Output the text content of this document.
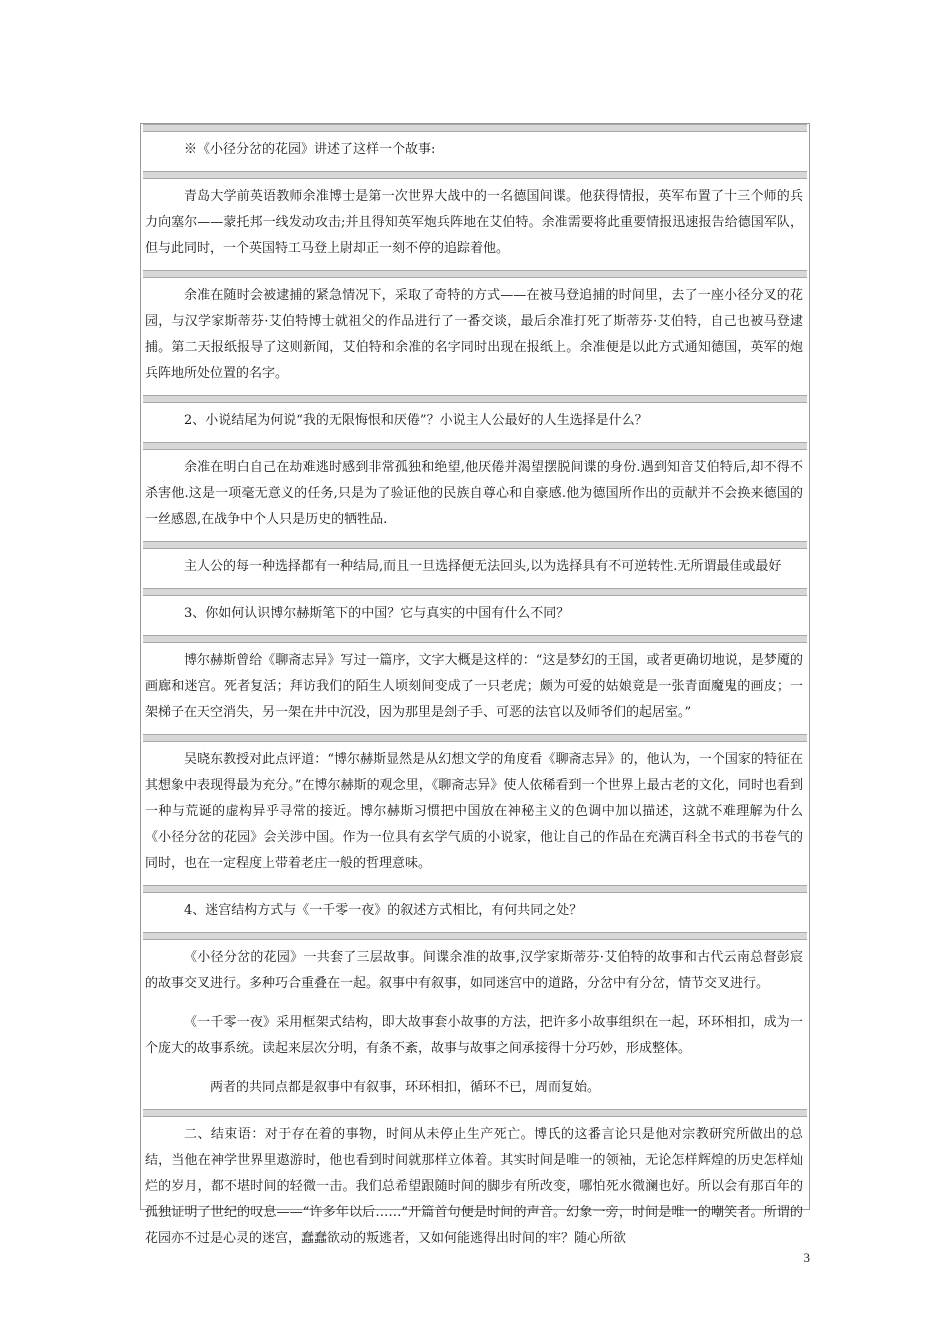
※《小径分岔的花园》讲述了这样一个故事:
青岛大学前英语教师余准博士是第一次世界大战中的一名德国间谍。他获得情报，英军布置了十三个师的兵力向塞尔——蒙托邦一线发动攻击;并且得知英军炮兵阵地在艾伯特。余准需要将此重要情报迅速报告给德国军队，但与此同时，一个英国特工马登上尉却正一刻不停的追踪着他。
余准在随时会被逮捕的紧急情况下，采取了奇特的方式——在被马登追捕的时间里，去了一座小径分叉的花园，与汉学家斯蒂芬·艾伯特博士就祖父的作品进行了一番交谈，最后余准打死了斯蒂芬·艾伯特，自己也被马登逮捕。第二天报纸报导了这则新闻，艾伯特和余准的名字同时出现在报纸上。余准便是以此方式通知德国，英军的炮兵阵地所处位置的名字。
2、小说结尾为何说“我的无限悔恨和厌倦”？小说主人公最好的人生选择是什么？
余准在明白自己在劫难逃时感到非常孤独和绝望,他厌倦并渴望摆脱间谍的身份.遇到知音艾伯特后,却不得不杀害他.这是一项毫无意义的任务,只是为了验证他的民族自尊心和自豪感.他为德国所作出的贡献并不会换来德国的一丝感恩,在战争中个人只是历史的牺牲品.
主人公的每一种选择都有一种结局,而且一旦选择便无法回头,以为选择具有不可逆转性.无所谓最佳或最好
3、你如何认识博尔赫斯笔下的中国？它与真实的中国有什么不同？
博尔赫斯曾给《聊斋志异》写过一篇序，文字大概是这样的：“这是梦幻的王国，或者更确切地说，是梦魇的画廊和迷宫。死者复活；拜访我们的陌生人顷刻间变成了一只老虎；颇为可爱的姑娘竟是一张青面魔鬼的画皮；一架梯子在天空消失，另一架在井中沉没，因为那里是刽子手、可恶的法官以及师爷们的起居室。”
吴晓东教授对此点评道：“博尔赫斯显然是从幻想文学的角度看《聊斋志异》的，他认为，一个国家的特征在其想象中表现得最为充分。”在博尔赫斯的观念里，《聊斋志异》使人依稀看到一个世界上最古老的文化，同时也看到一种与荒诞的虚构异乎寻常的接近。博尔赫斯习惯把中国放在神秘主义的色调中加以描述，这就不难理解为什么《小径分岔的花园》会关涉中国。作为一位具有玄学气质的小说家，他让自己的作品在充满百科全书式的书卷气的同时，也在一定程度上带着老庄一般的哲理意味。
4、迷宫结构方式与《一千零一夜》的叙述方式相比，有何共同之处？
《小径分岔的花园》一共套了三层故事。间谍余准的故事,汉学家斯蒂芬·艾伯特的故事和古代云南总督彭宸的故事交叉进行。多种巧合重叠在一起。叙事中有叙事，如同迷宫中的道路，分岔中有分岔，情节交叉进行。
《一千零一夜》采用框架式结构，即大故事套小故事的方法，把许多小故事组织在一起，环环相扣，成为一个庞大的故事系统。读起来层次分明，有条不紊，故事与故事之间承接得十分巧妙，形成整体。
两者的共同点都是叙事中有叙事，环环相扣，循环不已，周而复始。
二、结束语：对于存在着的事物，时间从未停止生产死亡。博氏的这番言论只是他对宗教研究所做出的总结，当他在神学世界里遨游时，他也看到时间就那样立体着。其实时间是唯一的领袖，无论怎样辉煌的历史怎样灿烂的岁月，都不堪时间的轻微一击。我们总希望跟随时间的脚步有所改变，哪怕死水微澜也好。所以会有那百年的孤独证明了世纪的叹息——“许多年以后……”开篇首句便是时间的声音。幻象一旁，时间是唯一的嘲笑者。所谓的花园亦不过是心灵的迷宫，蠢蠢欲动的叛逃者，又如何能逃得出时间的牢？随心所欲
3
